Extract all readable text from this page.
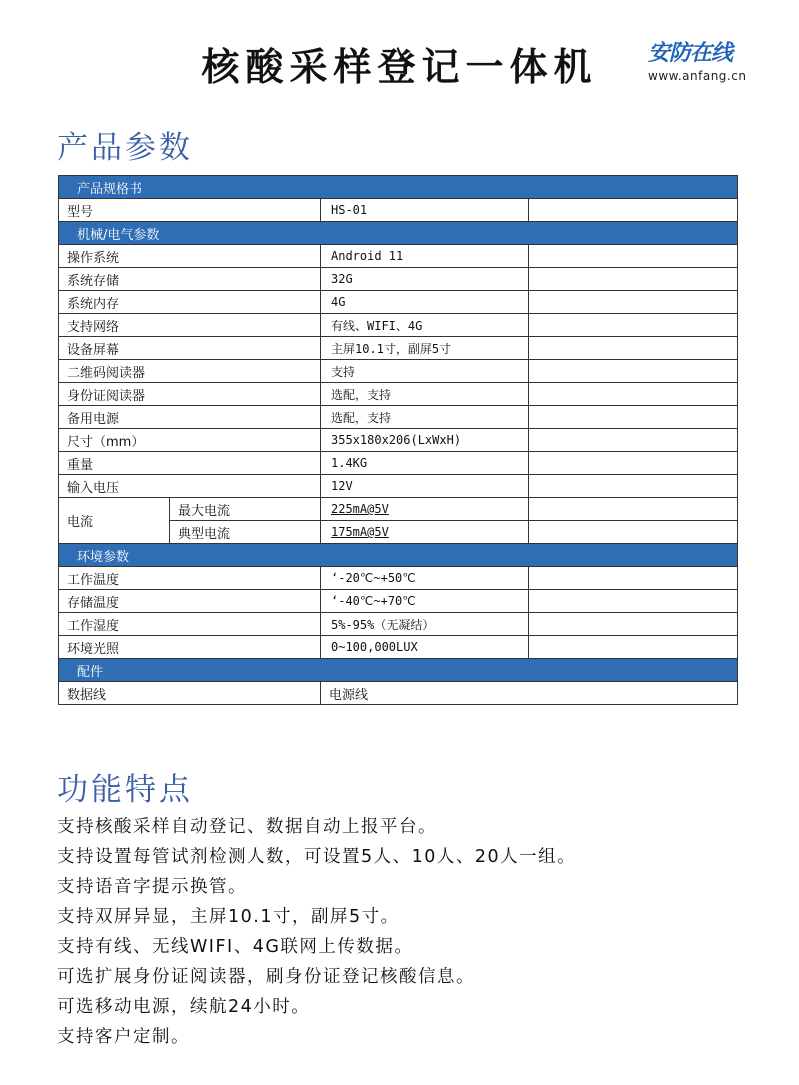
核酸采样登记一体机	安防在线
www.anfang.cn
产品参数
产品规格书			
型号		HS-01	
机械/电气参数			
操作系统		Android 11	
系统存储		32G	
系统内存		4G	
支持网络		有线、WIFI、4G	
设备屏幕		主屏10.1寸，副屏5寸	
二维码阅读器		支持	
身份证阅读器		选配，支持	
备用电源		选配，支持	
尺寸（mm）		355x180x206(LxWxH)	
重量		1.4KG	
输入电压		12V	
电流	最大电流	225mA@5V	
	典型电流	175mA@5V	
环境参数			
工作温度		‘-20℃~+50℃	
存储温度		‘-40℃~+70℃	
工作湿度		5%-95%（无凝结）	
环境光照		0~100,000LUX	
配件			
数据线		电源线	
功能特点
支持核酸采样自动登记、数据自动上报平台。
支持设置每管试剂检测人数，可设置5人、10人、20人一组。
支持语音字提示换管。
支持双屏异显，主屏10.1寸，副屏5寸。
支持有线、无线WIFI、4G联网上传数据。
可选扩展身份证阅读器，刷身份证登记核酸信息。
可选移动电源，续航24小时。
支持客户定制。
